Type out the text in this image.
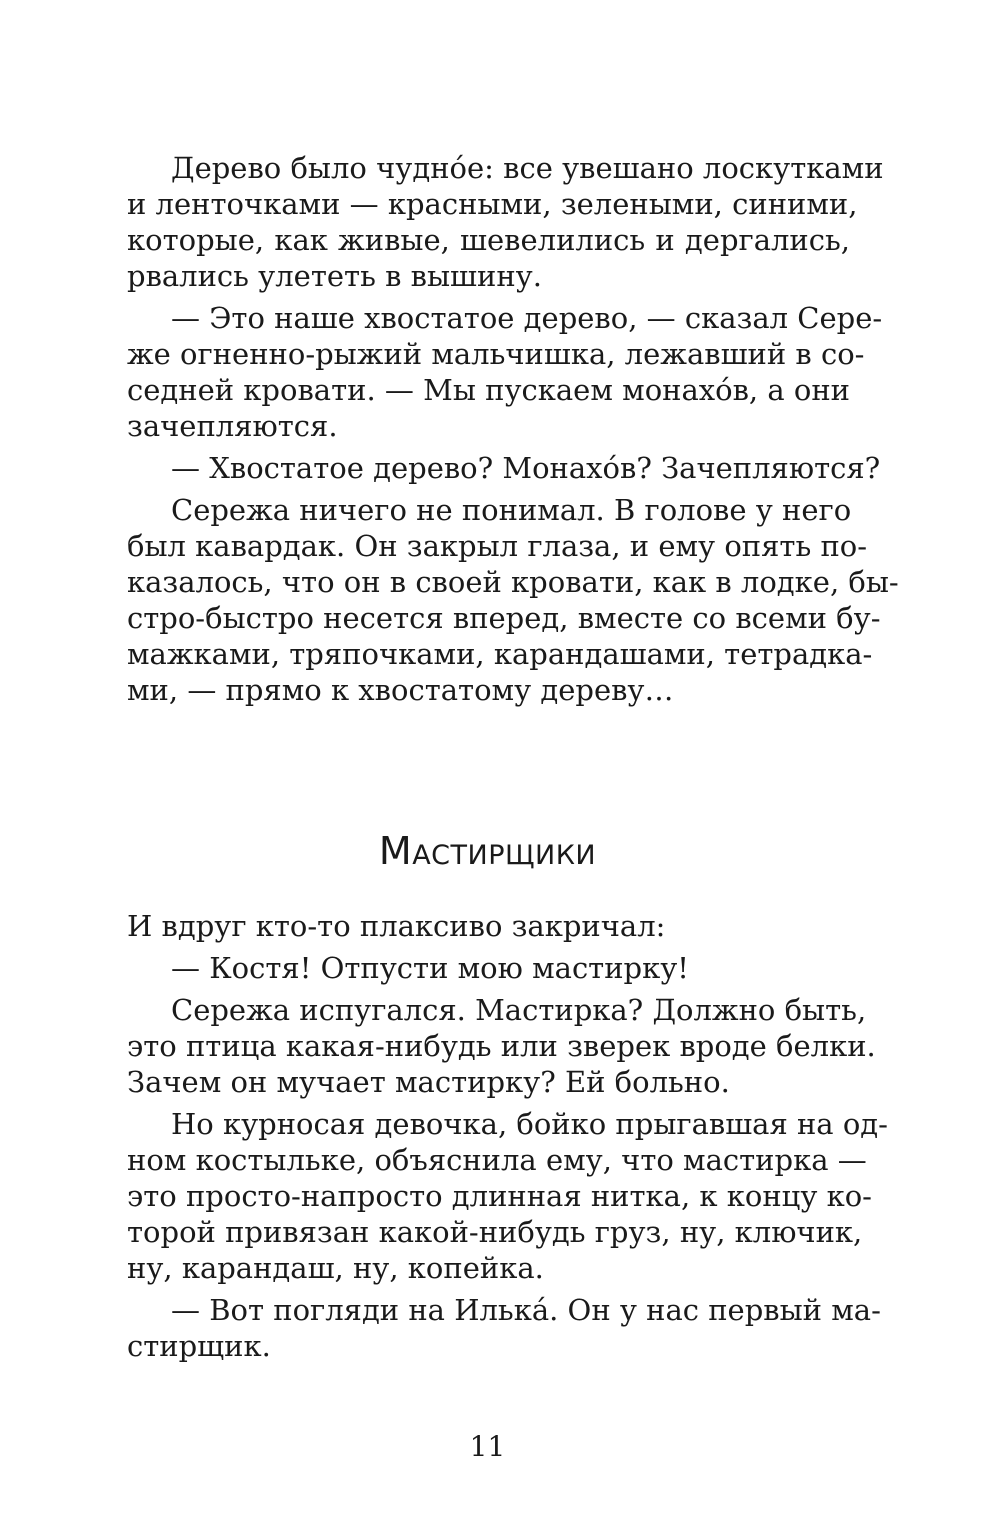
Дерево было чудно́е: все увешано лоскутками
и ленточками — красными, зелеными, синими,
которые, как живые, шевелились и дергались,
рвались улететь в вышину.
— Это наше хвостатое дерево, — сказал Сере-
же огненно-рыжий мальчишка, лежавший в со-
седней кровати. — Мы пускаем монахо́в, а они
зачепляются.
— Хвостатое дерево? Монахо́в? Зачепляются?
Сережа ничего не понимал. В голове у него
был кавардак. Он закрыл глаза, и ему опять по-
казалось, что он в своей кровати, как в лодке, бы-
стро-быстро несется вперед, вместе со всеми бу-
мажками, тряпочками, карандашами, тетрадка-
ми, — прямо к хвостатому дереву…
Мастирщики
И вдруг кто-то плаксиво закричал:
— Костя! Отпусти мою мастирку!
Сережа испугался. Мастирка? Должно быть,
это птица какая-нибудь или зверек вроде белки.
Зачем он мучает мастирку? Ей больно.
Но курносая девочка, бойко прыгавшая на од-
ном костыльке, объяснила ему, что мастирка —
это просто-напросто длинная нитка, к концу ко-
торой привязан какой-нибудь груз, ну, ключик,
ну, карандаш, ну, копейка.
— Вот погляди на Илька́. Он у нас первый ма-
стирщик.
11
